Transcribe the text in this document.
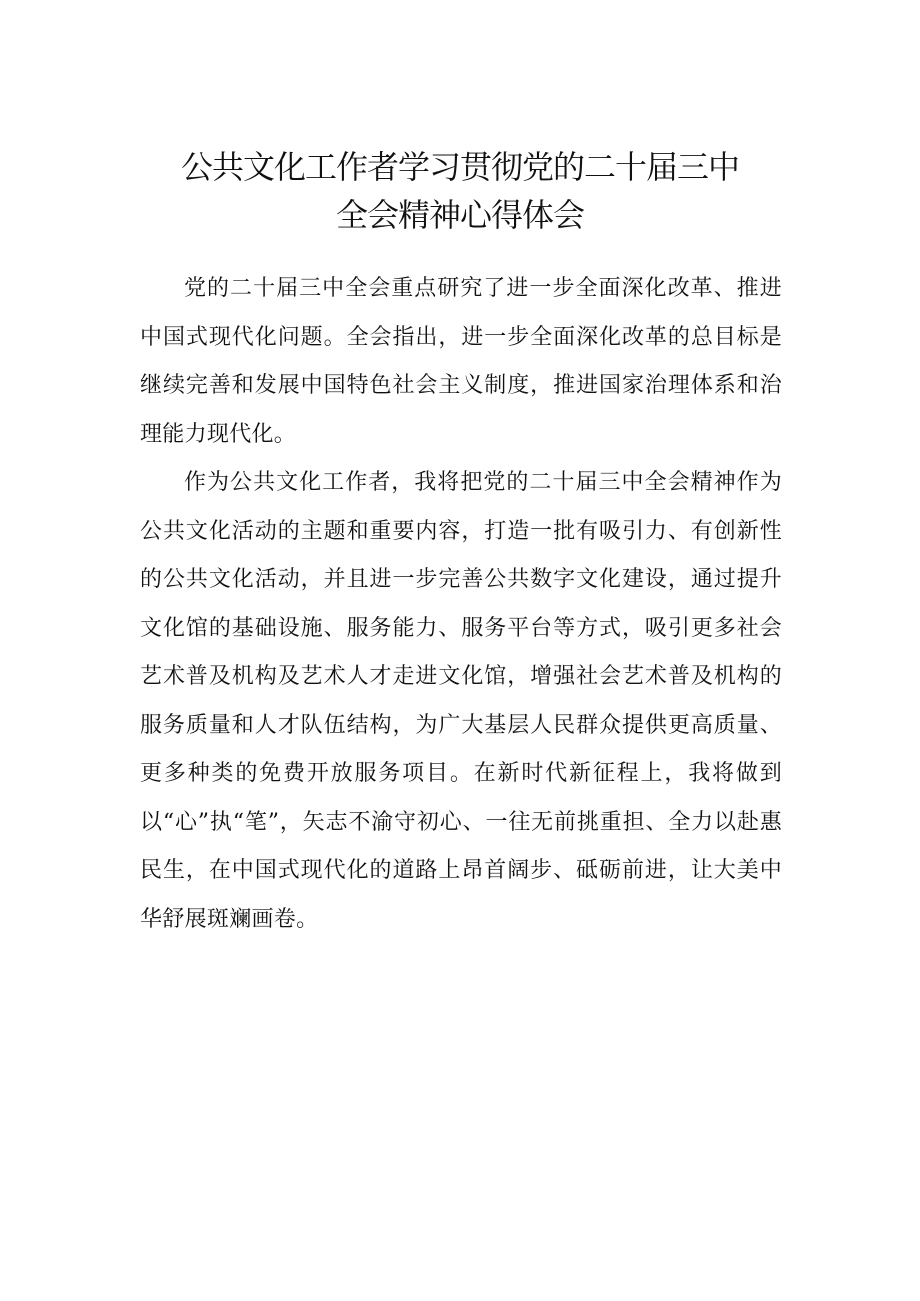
公共文化工作者学习贯彻党的二十届三中
全会精神心得体会

党的二十届三中全会重点研究了进一步全面深化改革、推进中国式现代化问题。全会指出，进一步全面深化改革的总目标是继续完善和发展中国特色社会主义制度，推进国家治理体系和治理能力现代化。

作为公共文化工作者，我将把党的二十届三中全会精神作为公共文化活动的主题和重要内容，打造一批有吸引力、有创新性的公共文化活动，并且进一步完善公共数字文化建设，通过提升文化馆的基础设施、服务能力、服务平台等方式，吸引更多社会艺术普及机构及艺术人才走进文化馆，增强社会艺术普及机构的服务质量和人才队伍结构，为广大基层人民群众提供更高质量、更多种类的免费开放服务项目。在新时代新征程上，我将做到以“心”执“笔”，矢志不渝守初心、一往无前挑重担、全力以赴惠民生，在中国式现代化的道路上昂首阔步、砥砺前进，让大美中华舒展斑斓画卷。
